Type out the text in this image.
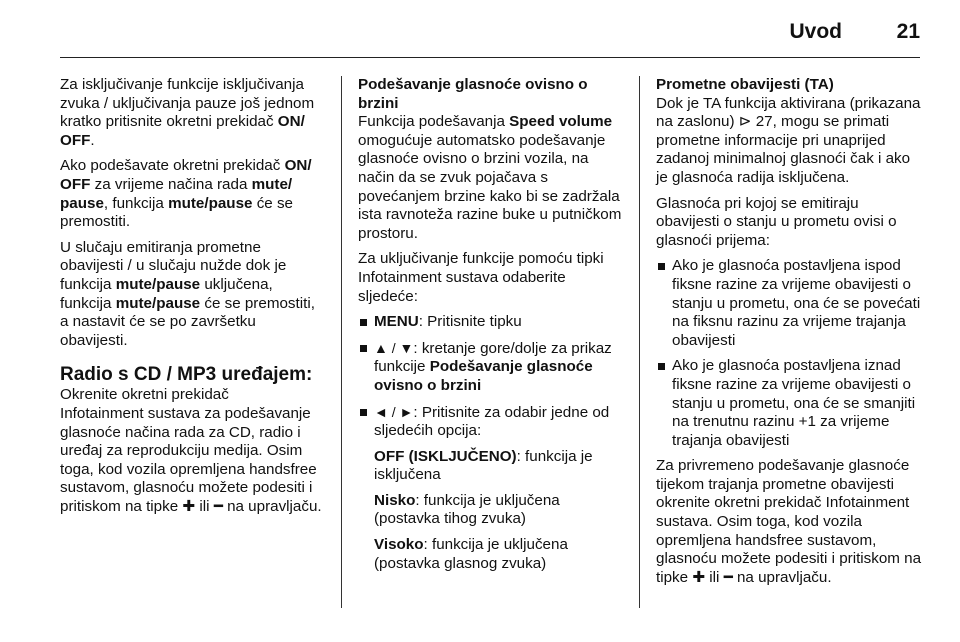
Uvod	21

Za isključivanje funkcije isključivanja zvuka / uključivanja pauze još jednom kratko pritisnite okretni prekidač ON/ OFF.

Ako podešavate okretni prekidač ON/ OFF za vrijeme načina rada mute/ pause, funkcija mute/pause će se premostiti.

U slučaju emitiranja prometne obavijesti / u slučaju nužde dok je funkcija mute/pause uključena, funkcija mute/pause će se premostiti, a nastavit će se po završetku obavijesti.

Radio s CD / MP3 uređajem:

Okrenite okretni prekidač
Infotainment sustava za podešavanje glasnoće načina rada za CD, radio i uređaj za reprodukciju medija. Osim toga, kod vozila opremljena handsfree sustavom, glasnoću možete podesiti i pritiskom na tipke ✚ ili ━ na upravljaču.

Podešavanje glasnoće ovisno o brzini

Funkcija podešavanja Speed volume omogućuje automatsko podešavanje glasnoće ovisno o brzini vozila, na način da se zvuk pojačava s povećanjem brzine kako bi se zadržala ista ravnoteža razine buke u putničkom prostoru.

Za uključivanje funkcije pomoću tipki Infotainment sustava odaberite sljedeće:

MENU: Pritisnite tipku
▲ / ▼: kretanje gore/dolje za prikaz funkcije Podešavanje glasnoće ovisno o brzini
◄ / ►: Pritisnite za odabir jedne od sljedećih opcija:

OFF (ISKLJUČENO): funkcija je isključena

Nisko: funkcija je uključena (postavka tihog zvuka)

Visoko: funkcija je uključena (postavka glasnog zvuka)

Prometne obavijesti (TA)

Dok je TA funkcija aktivirana (prikazana na zaslonu) ⊳ 27, mogu se primati prometne informacije pri unaprijed zadanoj minimalnoj glasnoći čak i ako je glasnoća radija isključena.

Glasnoća pri kojoj se emitiraju obavijesti o stanju u prometu ovisi o glasnoći prijema:

Ako je glasnoća postavljena ispod fiksne razine za vrijeme obavijesti o stanju u prometu, ona će se povećati na fiksnu razinu za vrijeme trajanja obavijesti
Ako je glasnoća postavljena iznad fiksne razine za vrijeme obavijesti o stanju u prometu, ona će se smanjiti na trenutnu razinu +1 za vrijeme trajanja obavijesti

Za privremeno podešavanje glasnoće tijekom trajanja prometne obavijesti okrenite okretni prekidač Infotainment sustava. Osim toga, kod vozila opremljena handsfree sustavom, glasnoću možete podesiti i pritiskom na tipke ✚ ili ━ na upravljaču.
